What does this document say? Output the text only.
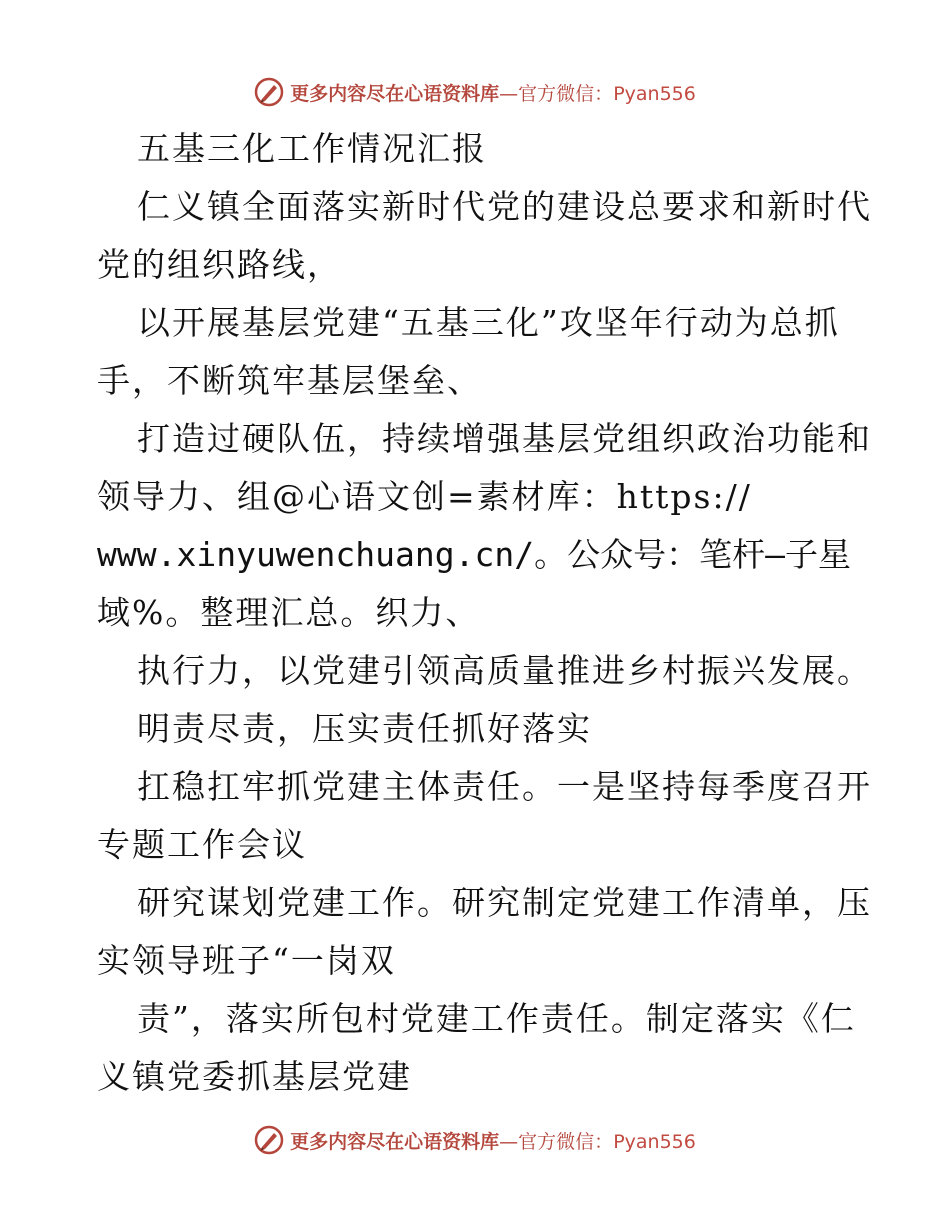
更多内容尽在心语资料库—官方微信：Pyan556
五基三化工作情况汇报
仁义镇全面落实新时代党的建设总要求和新时代
党的组织路线，
以开展基层党建“五基三化”攻坚年行动为总抓
手，不断筑牢基层堡垒、
打造过硬队伍，持续增强基层党组织政治功能和
领导力、组@心语文创=素材库：https://
www.xinyuwenchuang.cn/。公众号：笔杆—子星
域%。整理汇总。织力、
执行力，以党建引领高质量推进乡村振兴发展。
明责尽责，压实责任抓好落实
扛稳扛牢抓党建主体责任。一是坚持每季度召开
专题工作会议
研究谋划党建工作。研究制定党建工作清单，压
实领导班子“一岗双
责”，落实所包村党建工作责任。制定落实《仁
义镇党委抓基层党建
更多内容尽在心语资料库—官方微信：Pyan556
